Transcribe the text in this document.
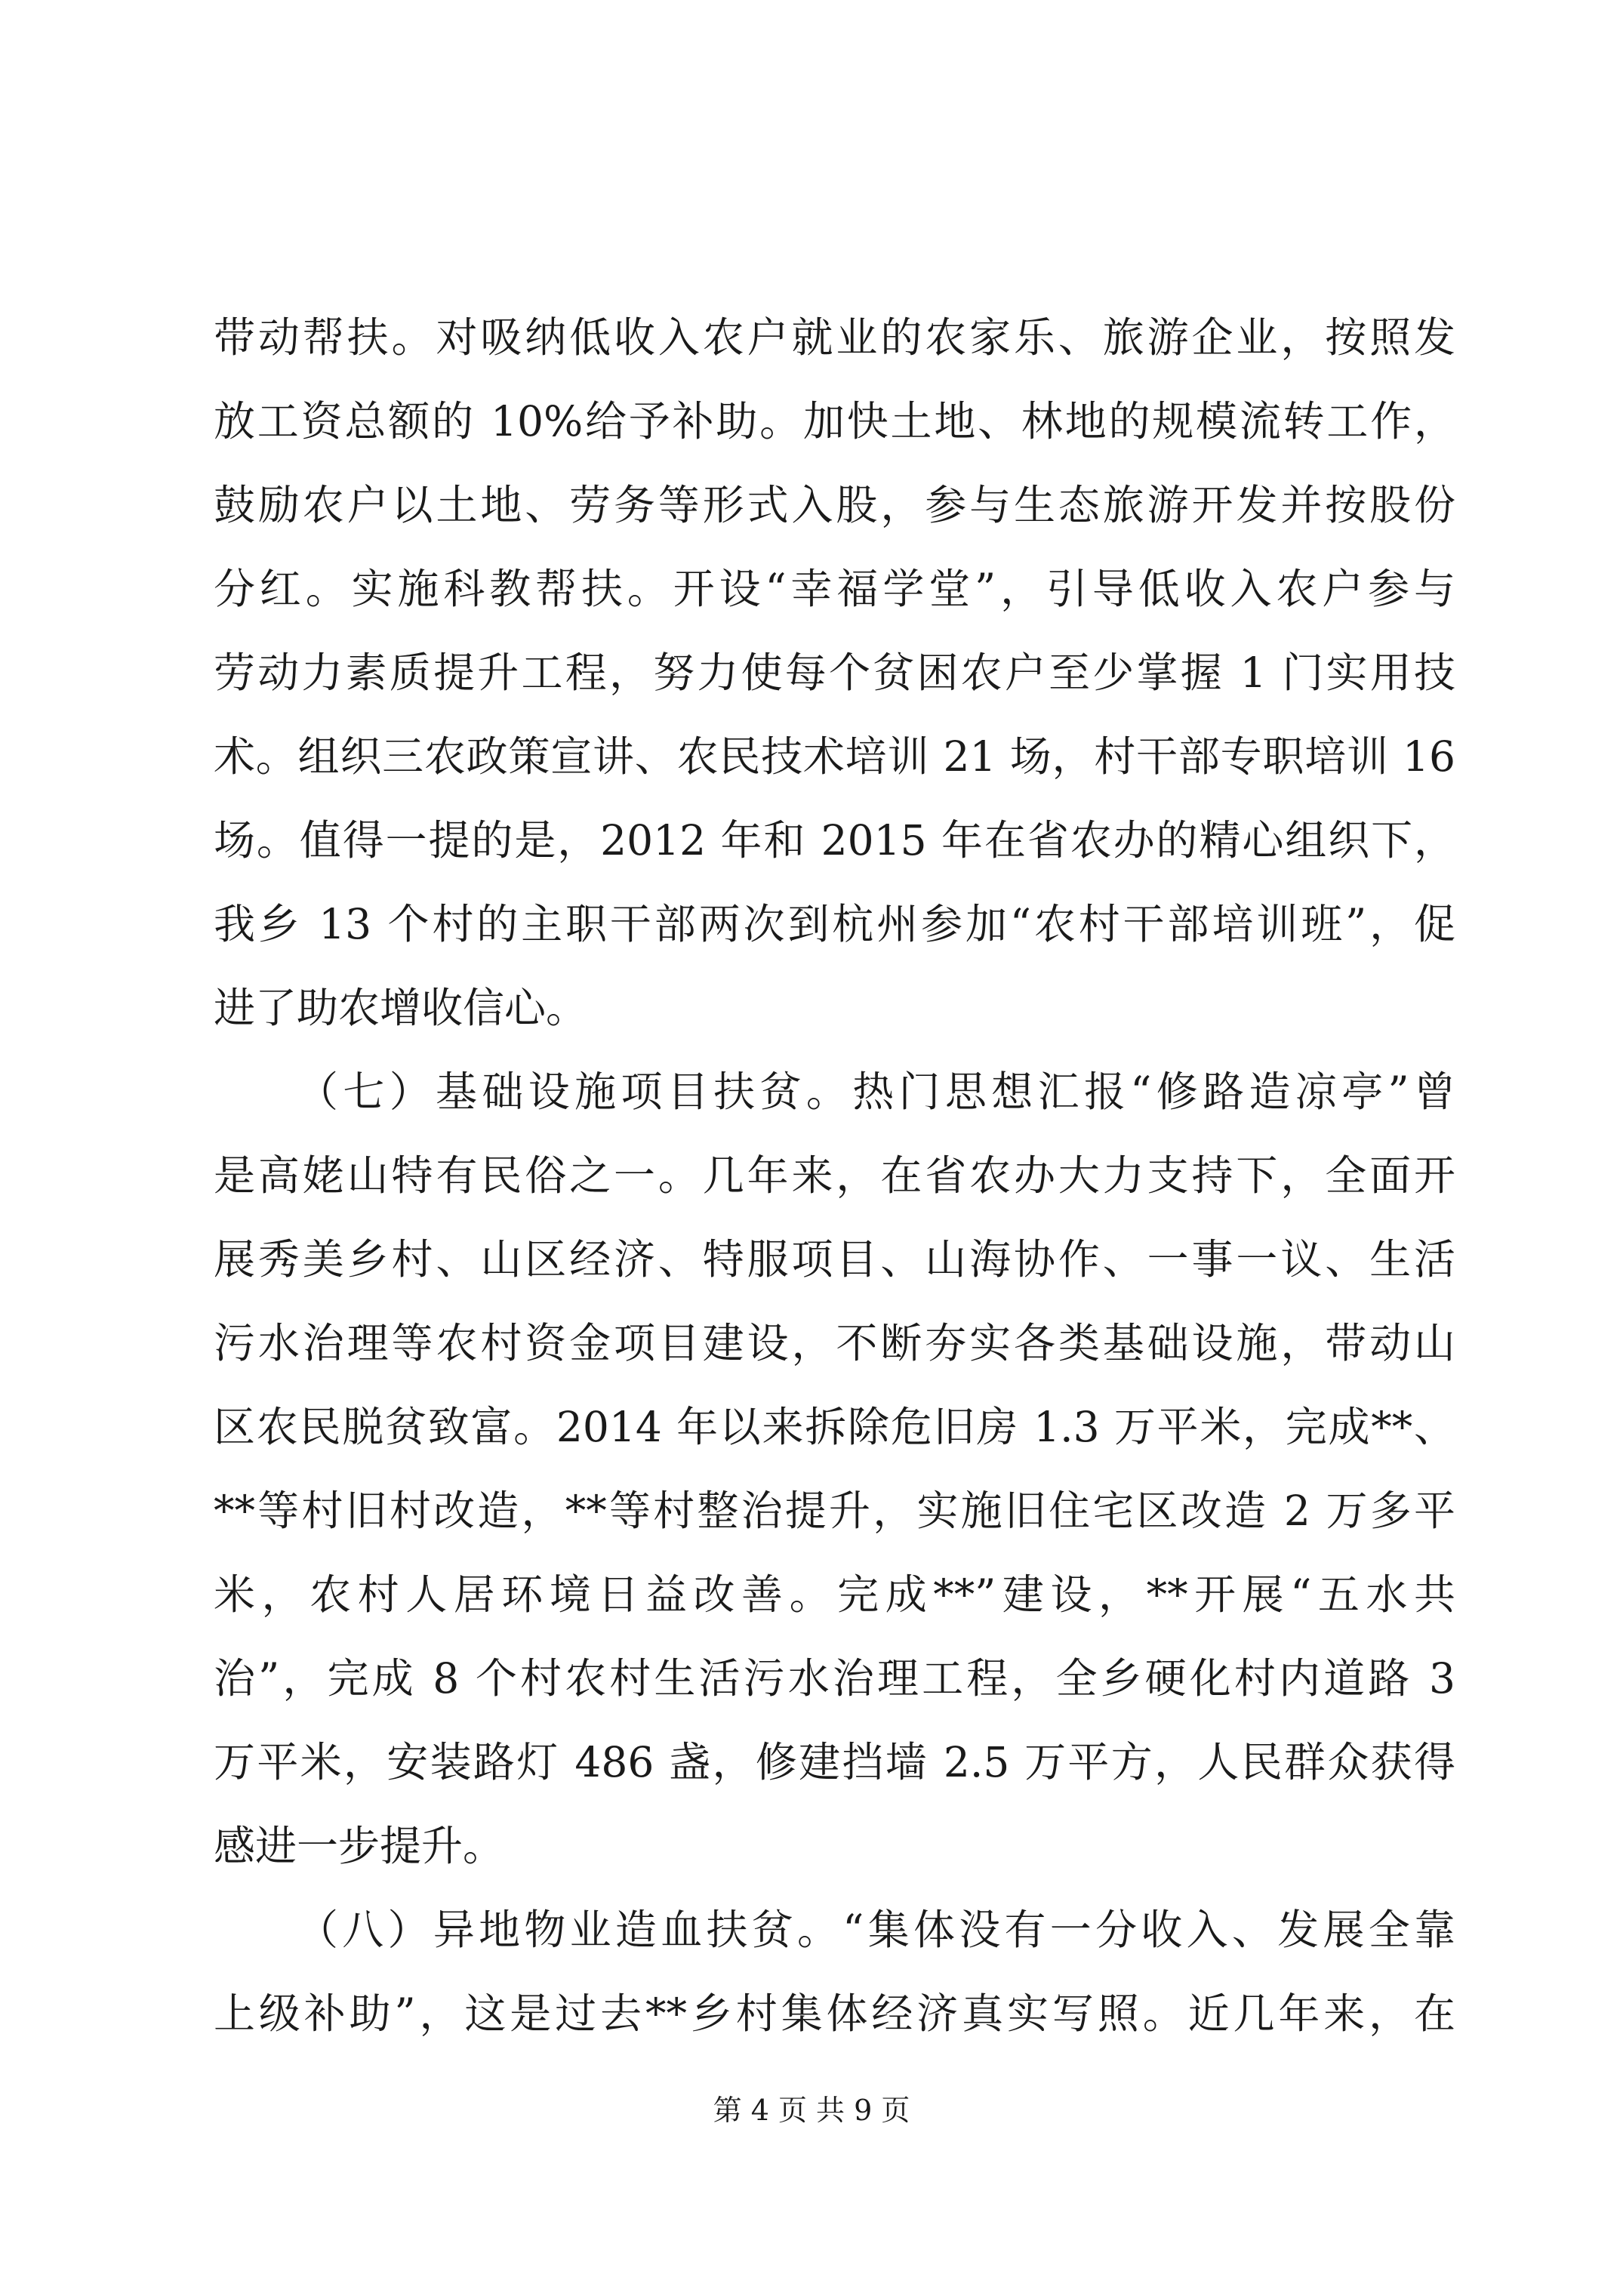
带动帮扶。对吸纳低收入农户就业的农家乐、旅游企业，按照发
放工资总额的 10%给予补助。加快土地、林地的规模流转工作，
鼓励农户以土地、劳务等形式入股，参与生态旅游开发并按股份
分红。实施科教帮扶。开设“幸福学堂”，引导低收入农户参与
劳动力素质提升工程，努力使每个贫困农户至少掌握 1 门实用技
术。组织三农政策宣讲、农民技术培训 21 场，村干部专职培训 16
场。值得一提的是，2012 年和 2015 年在省农办的精心组织下，
我乡 13 个村的主职干部两次到杭州参加“农村干部培训班”，促
进了助农增收信心。
（七）基础设施项目扶贫。热门思想汇报“修路造凉亭”曾
是高姥山特有民俗之一。几年来，在省农办大力支持下，全面开
展秀美乡村、山区经济、特服项目、山海协作、一事一议、生活
污水治理等农村资金项目建设，不断夯实各类基础设施，带动山
区农民脱贫致富。2014 年以来拆除危旧房 1.3 万平米，完成**、
**等村旧村改造，**等村整治提升，实施旧住宅区改造 2 万多平
米，农村人居环境日益改善。完成**”建设，**开展“五水共
治”，完成 8 个村农村生活污水治理工程，全乡硬化村内道路 3
万平米，安装路灯 486 盏，修建挡墙 2.5 万平方，人民群众获得
感进一步提升。
（八）异地物业造血扶贫。“集体没有一分收入、发展全靠
上级补助”，这是过去**乡村集体经济真实写照。近几年来，在
第 4 页 共 9 页
